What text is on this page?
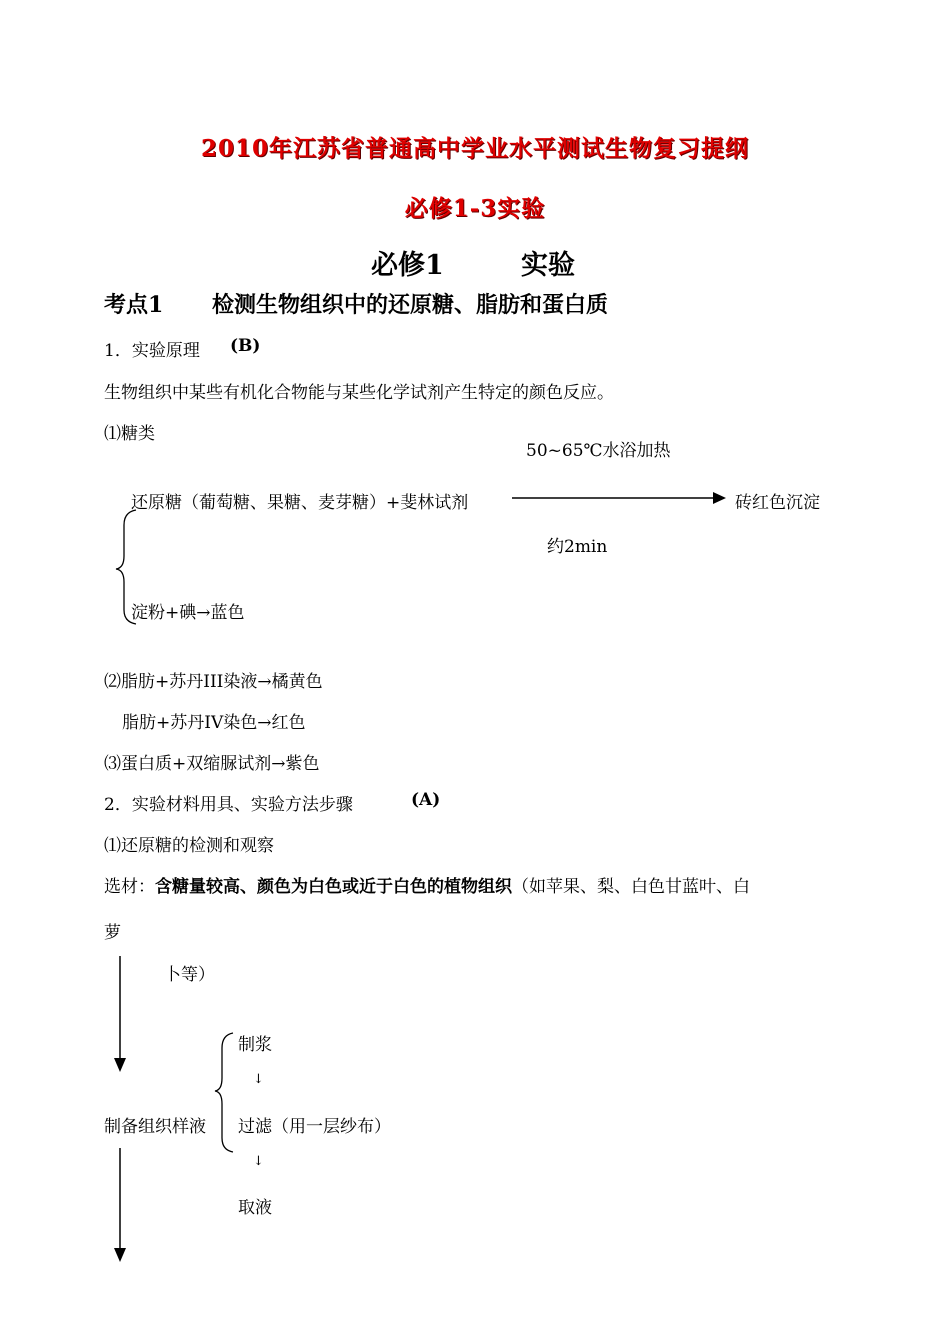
2010年江苏省普通高中学业水平测试生物复习提纲
必修1-3实验
必修1	实验
考点1 检测生物组织中的还原糖、脂肪和蛋白质
1．实验原理 (B)
生物组织中某些有机化合物能与某些化学试剂产生特定的颜色反应。
⑴糖类
50~65℃水浴加热
还原糖（葡萄糖、果糖、麦芽糖）+斐林试剂	砖红色沉淀
约2min
淀粉+碘→蓝色
⑵脂肪+苏丹III染液→橘黄色
脂肪+苏丹IV染色→红色
⑶蛋白质+双缩脲试剂→紫色
2．实验材料用具、实验方法步骤	(A)
⑴还原糖的检测和观察
选材：含糖量较高、颜色为白色或近于白色的植物组织（如苹果、梨、白色甘蓝叶、白
萝
卜等）
制浆
↓
制备组织样液 过滤（用一层纱布）
↓
取液
